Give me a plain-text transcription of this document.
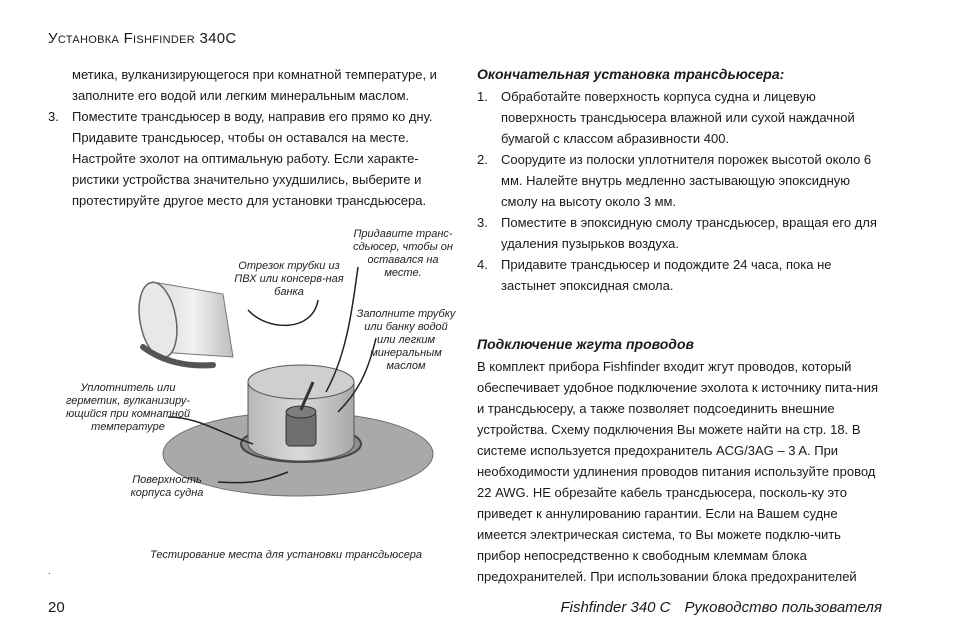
Установка Fishfinder 340C

метика, вулканизирующегося при комнатной температуре, и заполните его водой или легким минеральным маслом.

3. Поместите трансдьюсер в воду, направив его прямо ко дну. Придавите трансдьюсер, чтобы он оставался на месте. Настройте эхолот на оптимальную работу. Если характе-ристики устройства значительно ухудшились, выберите и протестируйте другое место для установки трансдьюсера.
Отрезок трубки из ПВХ или консерв-ная банка
Придавите транс-сдьюсер, чтобы он оставался на месте.
Заполните трубку или банку водой или легким минеральным маслом
Уплотнитель или герметик, вулканизиру-ющийся при комнатной температуре
Поверхность корпуса судна
Тестирование места для установки трансдьюсера
.
Окончательная установка трансдьюсера:
1. Обработайте поверхность корпуса судна и лицевую поверхность трансдьюсера влажной или сухой наждачной бумагой с классом абразивности 400.
2. Соорудите из полоски уплотнителя порожек высотой около 6 мм. Налейте внутрь медленно застывающую эпоксидную смолу на высоту около 3 мм.
3. Поместите в эпоксидную смолу трансдьюсер, вращая его для удаления пузырьков воздуха.
4. Придавите трансдьюсер и подождите 24 часа, пока не застынет эпоксидная смола.
Подключение жгута проводов

В комплект прибора Fishfinder входит жгут проводов, который обеспечивает удобное подключение эхолота к источнику пита-ния и трансдьюсеру, а также позволяет подсоединить внешние устройства. Схему подключения Вы можете найти на стр. 18. В системе используется предохранитель ACG/3AG – 3 A. При необходимости удлинения проводов питания используйте провод 22 AWG. НЕ обрезайте кабель трансдьюсера, посколь-ку это приведет к аннулированию гарантии. Если на Вашем судне имеется электрическая система, то Вы можете подклю-чить прибор непосредственно к свободным клеммам блока предохранителей. При использовании блока предохранителей

20	Fishfinder 340 C Руководство пользователя
